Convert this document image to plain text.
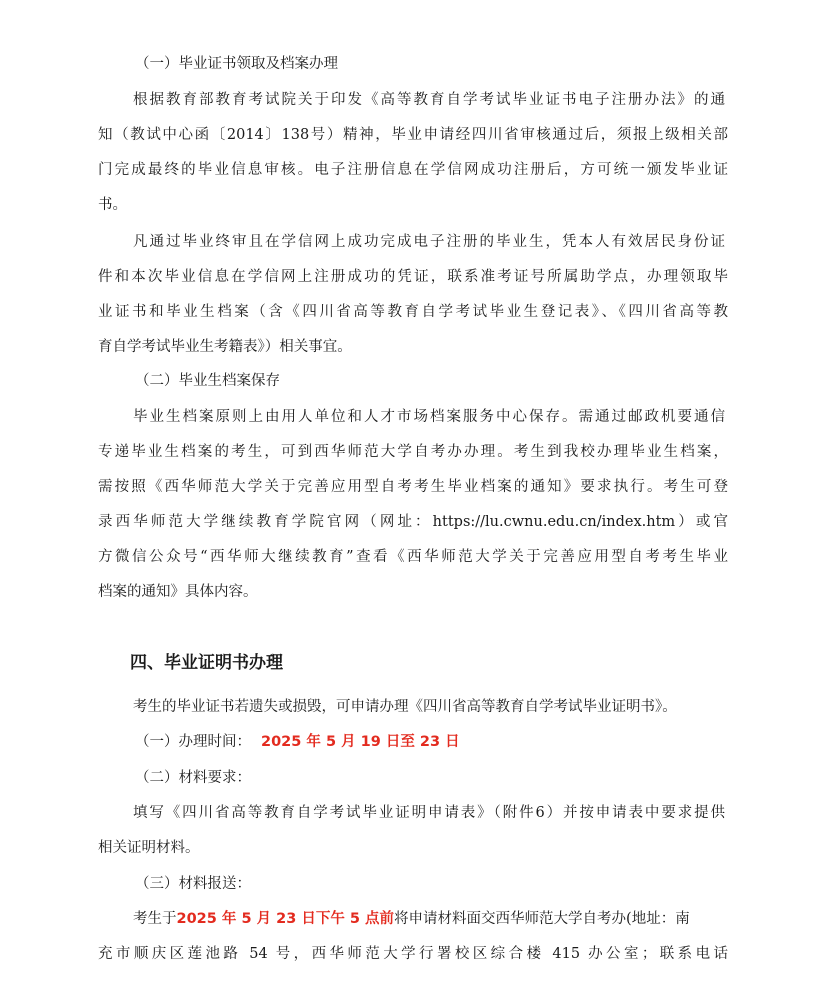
（一）毕业证书领取及档案办理
根据教育部教育考试院关于印发《高等教育自学考试毕业证书电子注册办法》的通
知（教试中心函〔2014〕138号）精神，毕业申请经四川省审核通过后，须报上级相关部
门完成最终的毕业信息审核。电子注册信息在学信网成功注册后，方可统一颁发毕业证
书。
凡通过毕业终审且在学信网上成功完成电子注册的毕业生，凭本人有效居民身份证
件和本次毕业信息在学信网上注册成功的凭证，联系准考证号所属助学点，办理领取毕
业证书和毕业生档案（含《四川省高等教育自学考试毕业生登记表》、《四川省高等教
育自学考试毕业生考籍表》）相关事宜。
（二）毕业生档案保存
毕业生档案原则上由用人单位和人才市场档案服务中心保存。需通过邮政机要通信
专递毕业生档案的考生，可到西华师范大学自考办办理。考生到我校办理毕业生档案，
需按照《西华师范大学关于完善应用型自考考生毕业档案的通知》要求执行。考生可登
录西华师范大学继续教育学院官网（网址：https://lu.cwnu.edu.cn/index.htm）或官
方微信公众号“西华师大继续教育”查看《西华师范大学关于完善应用型自考考生毕业
档案的通知》具体内容。
四、毕业证明书办理
考生的毕业证书若遗失或损毁，可申请办理《四川省高等教育自学考试毕业证明书》。
（一）办理时间： 2025 年 5 月 19 日至 23 日
（二）材料要求：
填写《四川省高等教育自学考试毕业证明申请表》（附件6）并按申请表中要求提供
相关证明材料。
（三）材料报送：
考生于2025 年 5 月 23 日下午 5 点前将申请材料面交西华师范大学自考办(地址：南
充市顺庆区莲池路 54 号，西华师范大学行署校区综合楼 415 办公室；联系电话
